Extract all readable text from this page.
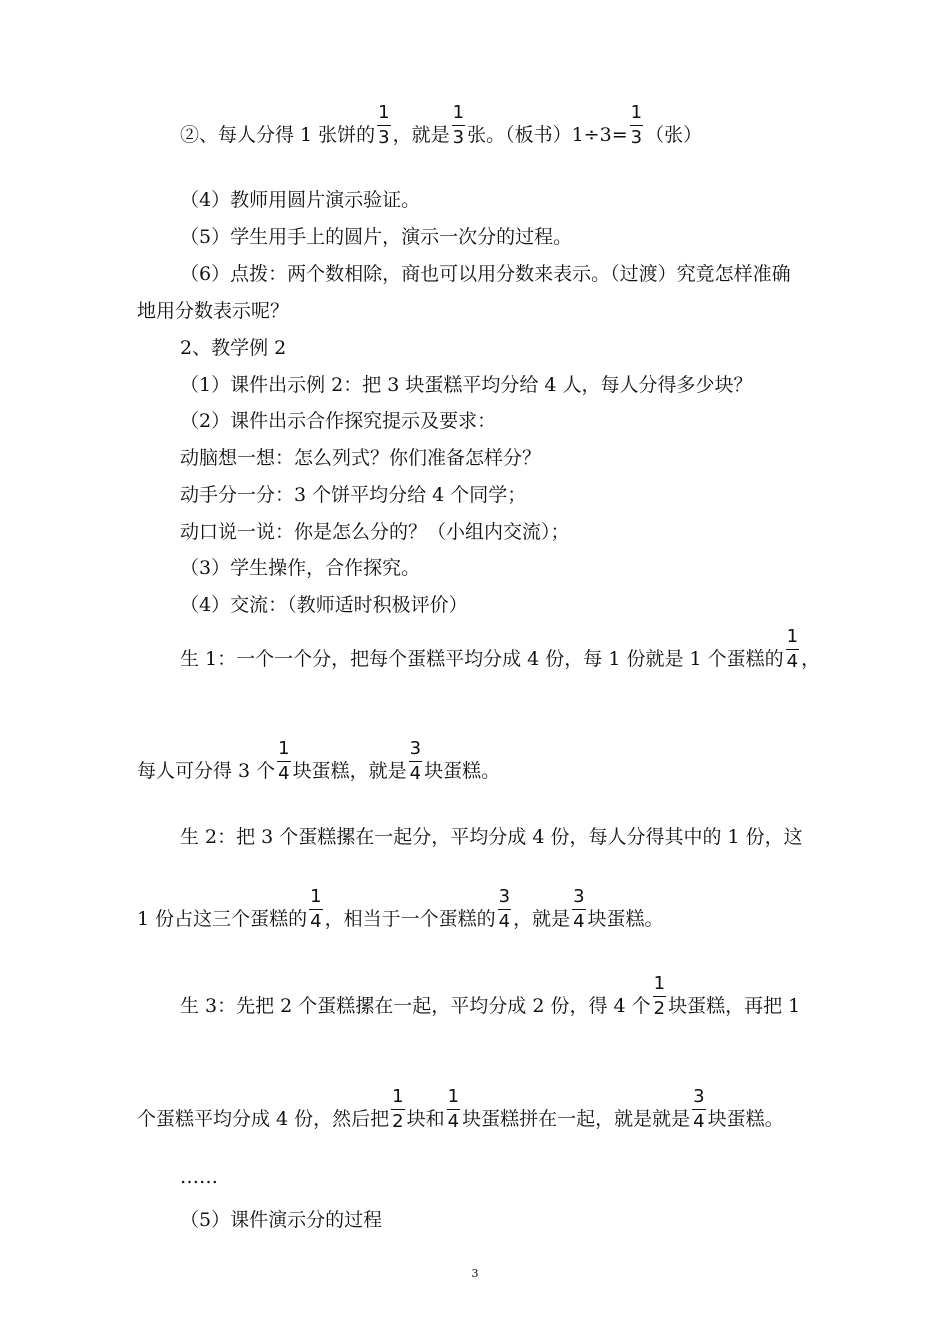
②、每人分得 1 张饼的 $\frac{1}{3}$ ，就是 $\frac{1}{3}$ 张。（板书）$1\div 3= \frac{1}{3}$ （张）
（4）教师用圆片演示验证。
（5）学生用手上的圆片，演示一次分的过程。
（6）点拨：两个数相除，商也可以用分数来表示。（过渡）究竟怎样准确
地用分数表示呢？
2、教学例 2
（1）课件出示例 2：把 3 块蛋糕平均分给 4 人，每人分得多少块？
（2）课件出示合作探究提示及要求：
动脑想一想：怎么列式？你们准备怎样分？
动手分一分：3 个饼平均分给 4 个同学；
动口说一说：你是怎么分的？（小组内交流）；
（3）学生操作，合作探究。
（4）交流：（教师适时积极评价）
生 1：一个一个分，把每个蛋糕平均分成 4 份，每 1 份就是 1 个蛋糕的 $\frac{1}{4}$ ，
每人可分得 3 个 $\frac{1}{4}$ 块蛋糕，就是 $\frac{3}{4}$ 块蛋糕。
生 2：把 3 个蛋糕摞在一起分，平均分成 4 份，每人分得其中的 1 份，这
1 份占这三个蛋糕的 $\frac{1}{4}$ ，相当于一个蛋糕的 $\frac{3}{4}$ ，就是 $\frac{3}{4}$ 块蛋糕。
生 3：先把 2 个蛋糕摞在一起，平均分成 2 份，得 4 个 $\frac{1}{2}$ 块蛋糕，再把 1
个蛋糕平均分成 4 份，然后把 $\frac{1}{2}$ 块和 $\frac{1}{4}$ 块蛋糕拼在一起，就是就是 $\frac{3}{4}$ 块蛋糕。
……
（5）课件演示分的过程
3
